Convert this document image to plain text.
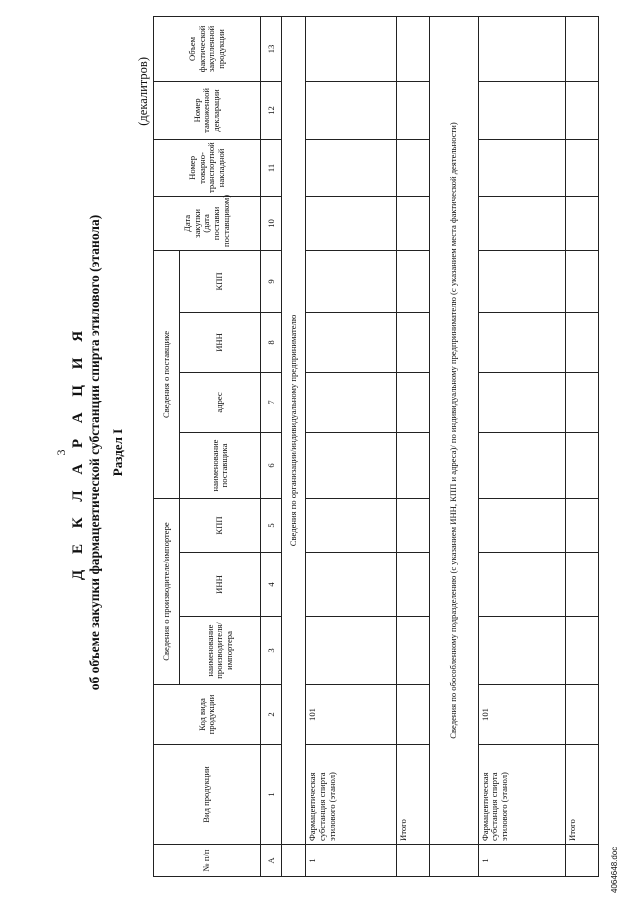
3 Д Е К Л А Р А Ц И Я об объеме закупки фармацевтической субстанции спирта этилового (этанола) Раздел I
(декалитров)
№ п/п	Вид продукции	Код вида продукции	Сведения о производителе/импортере			Сведения о поставщике				Дата закупки (дата поставки поставщиком)	Номер товарно-транспортной накладной	Номер таможенной декларации	Объем фактической закупленной продукции
			наименование производителя/ импортера	ИНН	КПП	наименование поставщика	адрес	ИНН	КПП				
А	1	2	3	4	5	6	7	8	9	10	11	12	13
	Сведения по организации/индивидуальному предпринимателю												
1	Фармацевтическая субстанция спирта этилового (этанол)	101											
	Итого												
	Сведения по обособленному подразделению (с указанием ИНН, КПП и адреса)/ по индивидуальному предпринимателю (с указанием места фактической деятельности)												
1	Фармацевтическая субстанция спирта этилового (этанол)	101											
	Итого												
4064648.doc
